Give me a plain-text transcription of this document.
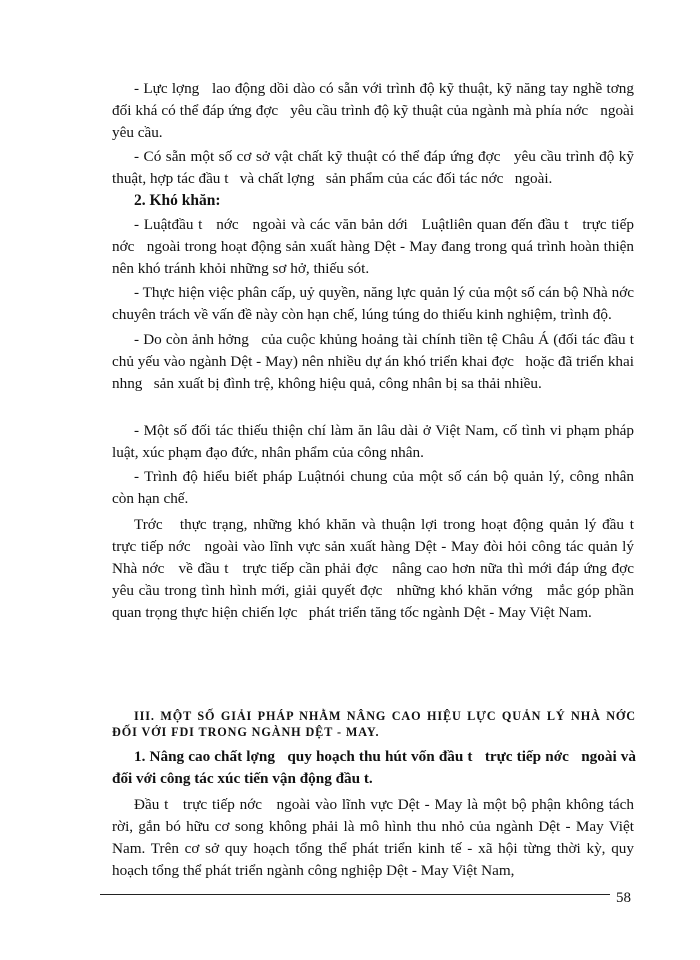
- Lực lợng   lao động dồi dào có sẵn với trình độ kỹ thuật, kỹ năng tay nghề tơng   đối khá có thể đáp ứng đợc   yêu cầu trình độ kỹ thuật của ngành mà phía nớc   ngoài yêu cầu.

- Có sẵn một số cơ sở vật chất kỹ thuật có thể đáp ứng đợc   yêu cầu trình độ kỹ thuật, hợp tác đầu t   và chất lợng   sản phẩm của các đối tác nớc   ngoài.

2. Khó khăn:

- Luậtđầu t   nớc   ngoài và các văn bản dới   Luậtliên quan đến đầu t   trực tiếp nớc   ngoài trong hoạt động sản xuất hàng Dệt - May đang trong quá trình hoàn thiện nên khó tránh khỏi những sơ hở, thiếu sót.

- Thực hiện việc phân cấp, uỷ quyền, năng lực quản lý của một số cán bộ Nhà nớc   chuyên trách về vấn đề này còn hạn chế, lúng túng do thiếu kinh nghiệm, trình độ.

- Do còn ảnh hởng   của cuộc khủng hoảng tài chính tiền tệ Châu Á (đối tác đầu t   chủ yếu vào ngành Dệt - May) nên nhiều dự án khó triển khai đợc   hoặc đã triển khai nhng   sản xuất bị đình trệ, không hiệu quả, công nhân bị sa thải nhiều.

- Một số đối tác thiếu thiện chí làm ăn lâu dài ở Việt Nam, cố tình vi phạm pháp luật, xúc phạm đạo đức, nhân phẩm của công nhân.

- Trình độ hiểu biết pháp Luậtnói chung của một số cán bộ quản lý, công nhân còn hạn chế.

Trớc   thực trạng, những khó khăn và thuận lợi trong hoạt động quản lý đầu t   trực tiếp nớc   ngoài vào lĩnh vực sản xuất hàng Dệt - May đòi hỏi công tác quản lý Nhà nớc   về đầu t   trực tiếp cần phải đợc   nâng cao hơn nữa thì mới đáp ứng đợc   yêu cầu trong tình hình mới, giải quyết đợc   những khó khăn vớng   mắc góp phần quan trọng thực hiện chiến lợc   phát triển tăng tốc ngành Dệt - May Việt Nam.

III. MỘT SỐ GIẢI PHÁP NHẰM NÂNG CAO HIỆU LỰC QUẢN LÝ NHÀ NỚC   ĐỐI VỚI FDI TRONG NGÀNH DỆT - MAY.

1. Nâng cao chất lợng   quy hoạch thu hút vốn đầu t   trực tiếp nớc   ngoài và đối với công tác xúc tiến vận động đầu t.

Đầu t   trực tiếp nớc   ngoài vào lĩnh vực Dệt - May là một bộ phận không tách rời, gắn bó hữu cơ song không phải là mô hình thu nhỏ của ngành Dệt - May Việt Nam. Trên cơ sở quy hoạch tổng thể phát triển kinh tế - xã hội từng thời kỳ, quy hoạch tổng thể phát triển ngành công nghiệp Dệt - May Việt Nam,

58
